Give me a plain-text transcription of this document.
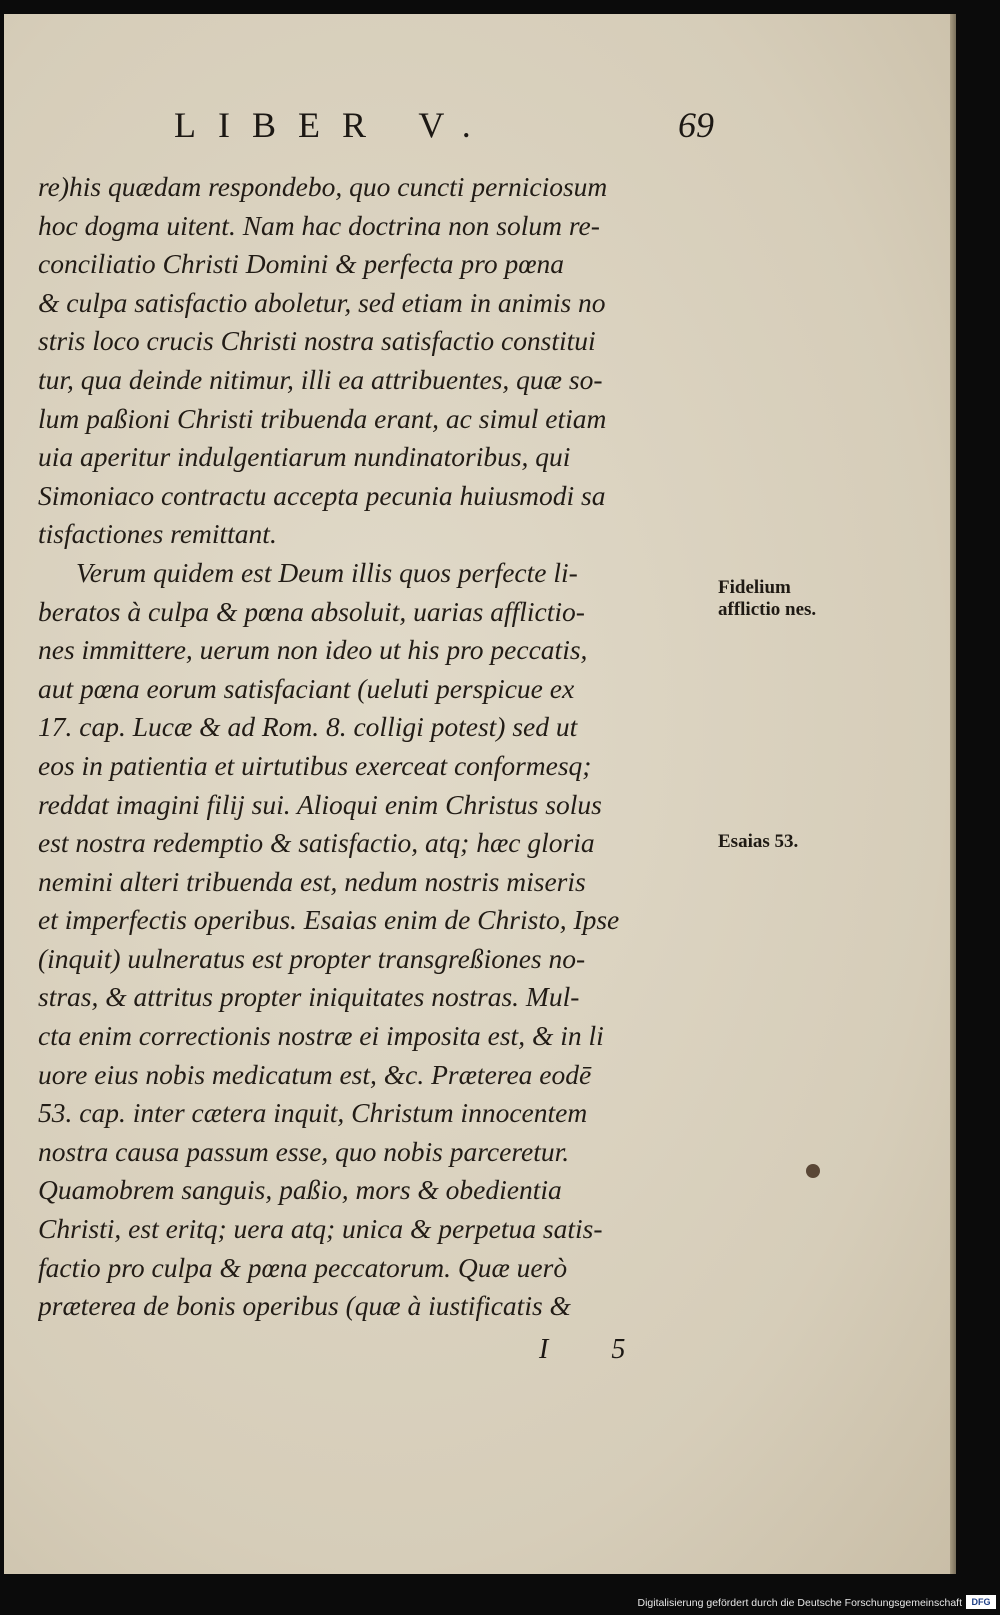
LIBER V.	69
re)his quædam respondebo, quo cuncti perniciosum
hoc dogma uitent. Nam hac doctrina non solum re-
conciliatio Christi Domini & perfecta pro pœna
& culpa satisfactio aboletur, sed etiam in animis no
stris loco crucis Christi nostra satisfactio constitui
tur, qua deinde nitimur, illi ea attribuentes, quæ so-
lum paßioni Christi tribuenda erant, ac simul etiam
uia aperitur indulgentiarum nundinatoribus, qui
Simoniaco contractu accepta pecunia huiusmodi sa
tisfactiones remittant.
Verum quidem est Deum illis quos perfecte li-
beratos à culpa & pœna absoluit, uarias afflictio-
nes immittere, uerum non ideo ut his pro peccatis,
aut pœna eorum satisfaciant (ueluti perspicue ex
17. cap. Lucæ & ad Rom. 8. colligi potest) sed ut
eos in patientia et uirtutibus exerceat conformesq;
reddat imagini filij sui. Alioqui enim Christus solus
est nostra redemptio & satisfactio, atq; hæc gloria
nemini alteri tribuenda est, nedum nostris miseris
et imperfectis operibus. Esaias enim de Christo, Ipse
(inquit) uulneratus est propter transgreßiones no-
stras, & attritus propter iniquitates nostras. Mul-
cta enim correctionis nostræ ei imposita est, & in li
uore eius nobis medicatum est, &c. Præterea eodē
53. cap. inter cætera inquit, Christum innocentem
nostra causa passum esse, quo nobis parceretur.
Quamobrem sanguis, paßio, mors & obedientia
Christi, est eritq; uera atq; unica & perpetua satis-
factio pro culpa & pœna peccatorum. Quæ uerò
præterea de bonis operibus (quæ à iustificatis &
Fidelium afflictio nes.
Esaias 53.
I 5
Digitalisierung gefördert durch die Deutsche Forschungsgemeinschaft	DFG
